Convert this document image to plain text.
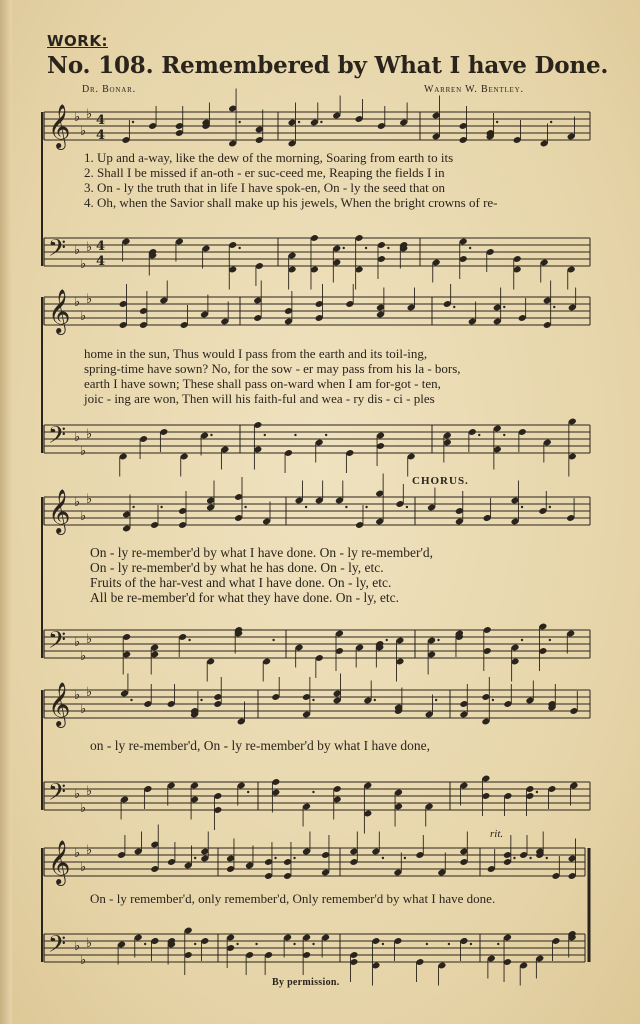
WORK:
No. 108. Remembered by What I have Done.
Dr. Bonar.	Warren W. Bentley.
𝄞 ♭
♭
♭ 4
4
𝄢 ♭
♭
♭ 4
4
𝄞 ♭
♭
♭
𝄢 ♭
♭
♭
𝄞 ♭
♭
♭
𝄢 ♭
♭
♭
𝄞 ♭
♭
♭
𝄢 ♭
♭
♭
𝄞 ♭
♭
♭
𝄢 ♭
♭
♭
1. Up and a-way, like the dew of the morning, Soaring from earth to its
2. Shall I be missed if an-oth - er suc-ceed me, Reaping the fields I in
3. On - ly the truth that in life I have spok-en, On - ly the seed that on
4. Oh, when the Savior shall make up his jewels, When the bright crowns of re-
home in the sun, Thus would I pass from the earth and its toil-ing,
spring-time have sown? No, for the sow - er may pass from his la - bors,
earth I have sown; These shall pass on-ward when I am for-got - ten,
joic - ing are won, Then will his faith-ful and wea - ry dis - ci - ples
CHORUS.
On - ly re-member'd by what I have done. On - ly re-member'd,
On - ly re-member'd by what he has done. On - ly, etc.
Fruits of the har-vest and what I have done. On - ly, etc.
All be re-member'd for what they have done. On - ly, etc.
on - ly re-member'd, On - ly re-member'd by what I have done,
rit.
On - ly remember'd, only remember'd, Only remember'd by what I have done.
By permission.
